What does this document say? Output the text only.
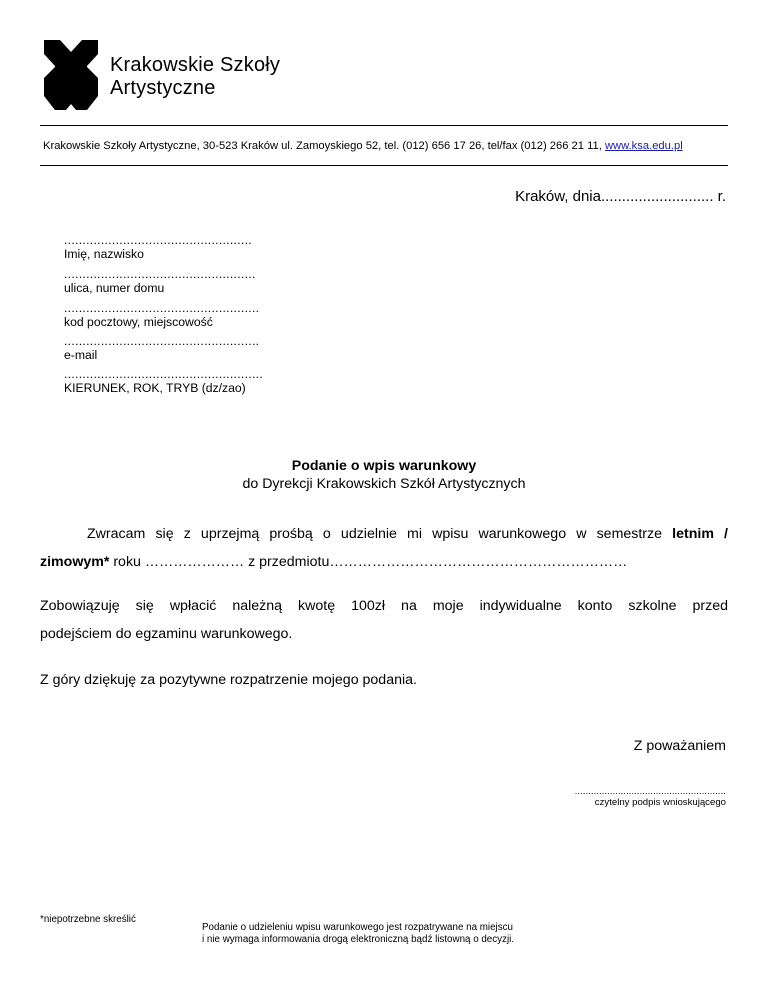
Krakowskie Szkoły
Artystyczne
Krakowskie Szkoły Artystyczne, 30-523 Kraków ul. Zamoyskiego 52, tel. (012) 656 17 26, tel/fax (012) 266 21 11, www.ksa.edu.pl
Kraków, dnia........................... r.
...................................................
Imię, nazwisko
....................................................
ulica, numer domu
.....................................................
kod pocztowy, miejscowość
.....................................................
e-mail
......................................................
KIERUNEK, ROK, TRYB (dz/zao)
Podanie o wpis warunkowy
do Dyrekcji Krakowskich Szkół Artystycznych
Zwracam się z uprzejmą prośbą o udzielnie mi wpisu warunkowego w semestrze letnim /
zimowym* roku ………………… z przedmiotu………………………………………………………
Zobowiązuję się wpłacić należną kwotę 100zł na moje indywidualne konto szkolne przed
podejściem do egzaminu warunkowego.
Z góry dziękuję za pozytywne rozpatrzenie mojego podania.
Z poważaniem
........................................................
czytelny podpis wnioskującego
*niepotrzebne skreślić
Podanie o udzieleniu wpisu warunkowego jest rozpatrywane na miejscu
i nie wymaga informowania drogą elektroniczną bądź listowną o decyzji.
